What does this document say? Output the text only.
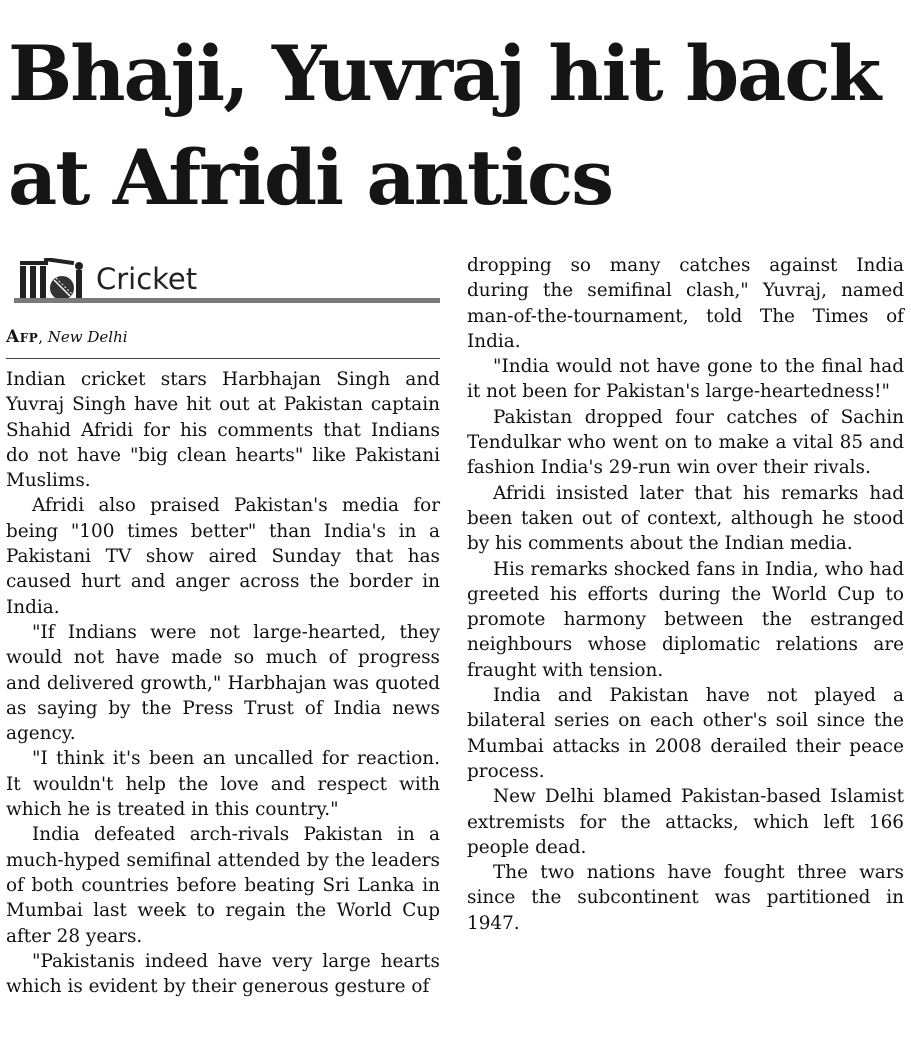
Bhaji, Yuvraj hit back
at Afridi antics
Cricket
Afp, New Delhi

Indian cricket stars Harbhajan Singh and Yuvraj Singh have hit out at Pakistan captain Shahid Afridi for his comments that Indians do not have "big clean hearts" like Pakistani Muslims.

Afridi also praised Pakistan's media for being "100 times better" than India's in a Pakistani TV show aired Sunday that has caused hurt and anger across the border in India.

"If Indians were not large-hearted, they would not have made so much of progress and delivered growth," Harbhajan was quoted as saying by the Press Trust of India news agency.

"I think it's been an uncalled for reaction. It wouldn't help the love and respect with which he is treated in this country."

India defeated arch-rivals Pakistan in a much-hyped semifinal attended by the leaders of both countries before beating Sri Lanka in Mumbai last week to regain the World Cup after 28 years.

"Pakistanis indeed have very large hearts which is evident by their generous gesture of

dropping so many catches against India during the semifinal clash," Yuvraj, named man-of-the-tournament, told The Times of India.

"India would not have gone to the final had it not been for Pakistan's large-heartedness!"

Pakistan dropped four catches of Sachin Tendulkar who went on to make a vital 85 and fashion India's 29-run win over their rivals.

Afridi insisted later that his remarks had been taken out of context, although he stood by his comments about the Indian media.

His remarks shocked fans in India, who had greeted his efforts during the World Cup to promote harmony between the estranged neighbours whose diplomatic relations are fraught with tension.

India and Pakistan have not played a bilateral series on each other's soil since the Mumbai attacks in 2008 derailed their peace process.

New Delhi blamed Pakistan-based Islamist extremists for the attacks, which left 166 people dead.

The two nations have fought three wars since the subcontinent was partitioned in 1947.
